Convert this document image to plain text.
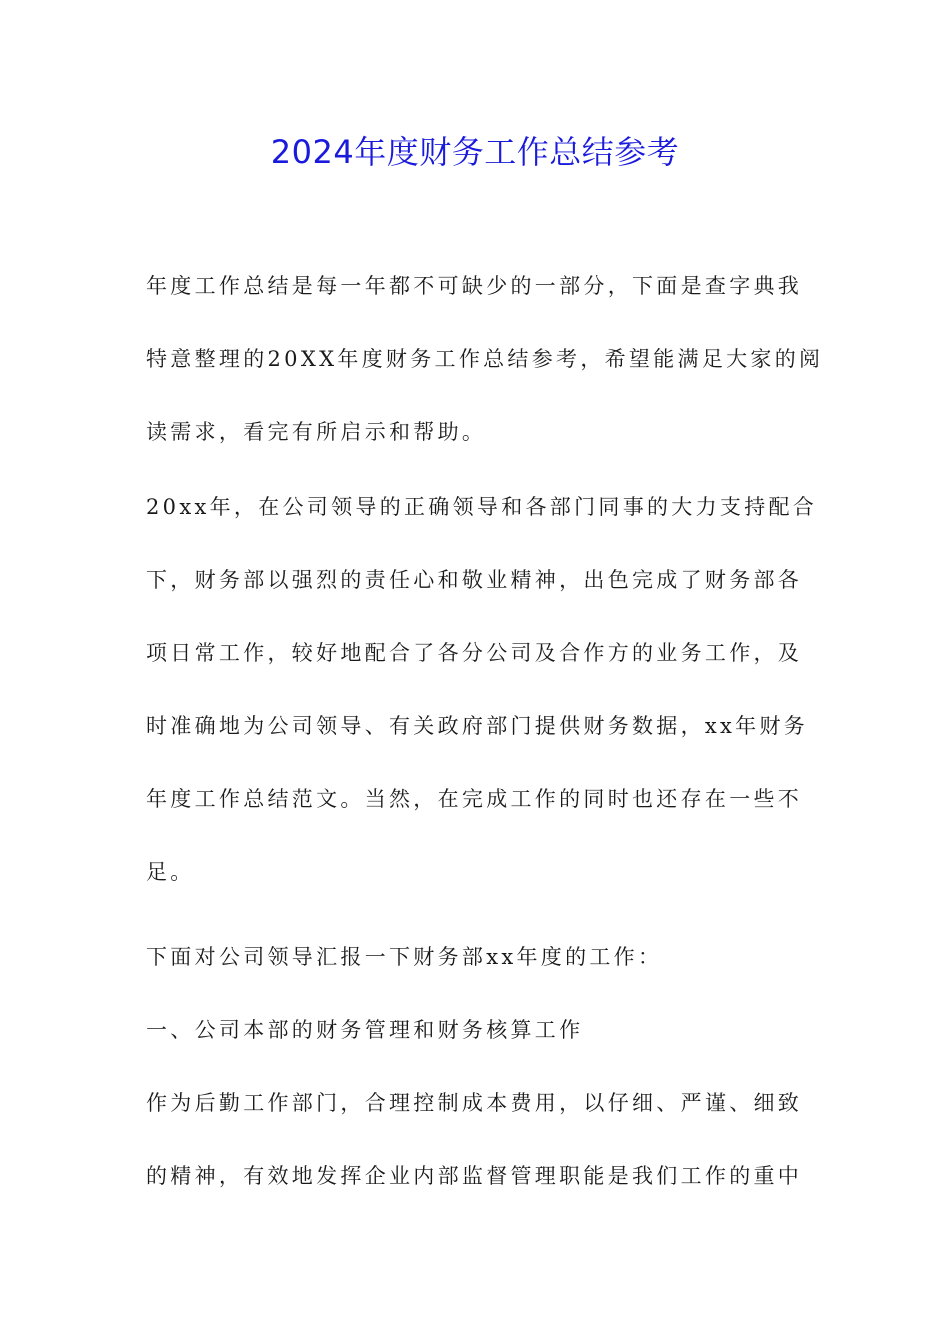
2024年度财务工作总结参考
年度工作总结是每一年都不可缺少的一部分，下面是查字典我
特意整理的20XX年度财务工作总结参考，希望能满足大家的阅
读需求，看完有所启示和帮助。
20xx年，在公司领导的正确领导和各部门同事的大力支持配合
下，财务部以强烈的责任心和敬业精神，出色完成了财务部各
项日常工作，较好地配合了各分公司及合作方的业务工作，及
时准确地为公司领导、有关政府部门提供财务数据，xx年财务
年度工作总结范文。当然，在完成工作的同时也还存在一些不
足。
下面对公司领导汇报一下财务部xx年度的工作：
一、公司本部的财务管理和财务核算工作
作为后勤工作部门，合理控制成本费用，以仔细、严谨、细致
的精神，有效地发挥企业内部监督管理职能是我们工作的重中
